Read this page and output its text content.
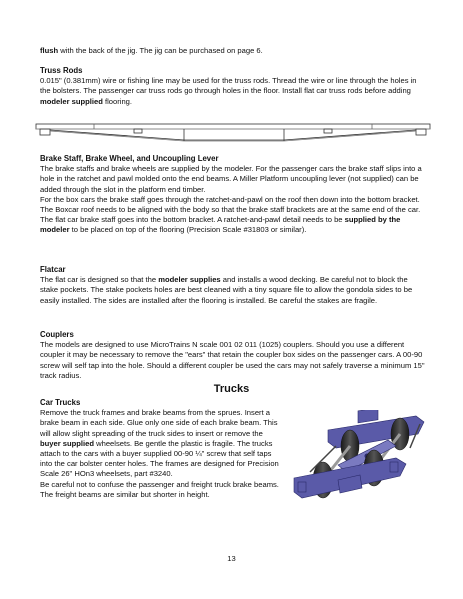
flush with the back of the jig. The jig can be purchased on page 6.

Truss Rods

0.015" (0.381mm) wire or fishing line may be used for the truss rods. Thread the wire or line through the holes in the bolsters. The passenger car truss rods go through holes in the floor. Install flat car truss rods before adding modeler supplied flooring.

Brake Staff, Brake Wheel, and Uncoupling Lever

The brake staffs and brake wheels are supplied by the modeler. For the passenger cars the brake staff slips into a hole in the ratchet and pawl molded onto the end beams. A Miller Platform uncoupling lever (not supplied) can be added through the slot in the platform end timber.

For the box cars the brake staff goes through the ratchet-and-pawl on the roof then down into the bottom bracket. The Boxcar roof needs to be aligned with the body so that the brake staff brackets are at the same end of the car.

The flat car brake staff goes into the bottom bracket. A ratchet-and-pawl detail needs to be supplied by the modeler to be placed on top of the flooring (Precision Scale #31803 or similar).

Flatcar

The flat car is designed so that the modeler supplies and installs a wood decking. Be careful not to block the stake pockets. The stake pockets holes are best cleaned with a tiny square file to allow the gondola sides to be easily installed. The sides are installed after the flooring is installed. Be careful the stakes are fragile.

Couplers

The models are designed to use MicroTrains N scale 001 02 011 (1025) couplers. Should you use a different coupler it may be necessary to remove the "ears" that retain the coupler box sides on the passenger cars. A 00-90 screw will self tap into the hole. Should a different coupler be used the cars may not safely traverse a minimum 15" track radius.

Trucks
Car Trucks

Remove the truck frames and brake beams from the sprues. Insert a brake beam in each side. Glue only one side of each brake beam. This will allow slight spreading of the truck sides to insert or remove the buyer supplied wheelsets. Be gentle the plastic is fragile. The trucks attach to the cars with a buyer supplied 00-90 ¼" screw that self taps into the car bolster center holes. The frames are designed for Precision Scale 26" HOn3 wheelsets, part #3240.

Be careful not to confuse the passenger and freight truck brake beams. The freight beams are similar but shorter in height.

13
